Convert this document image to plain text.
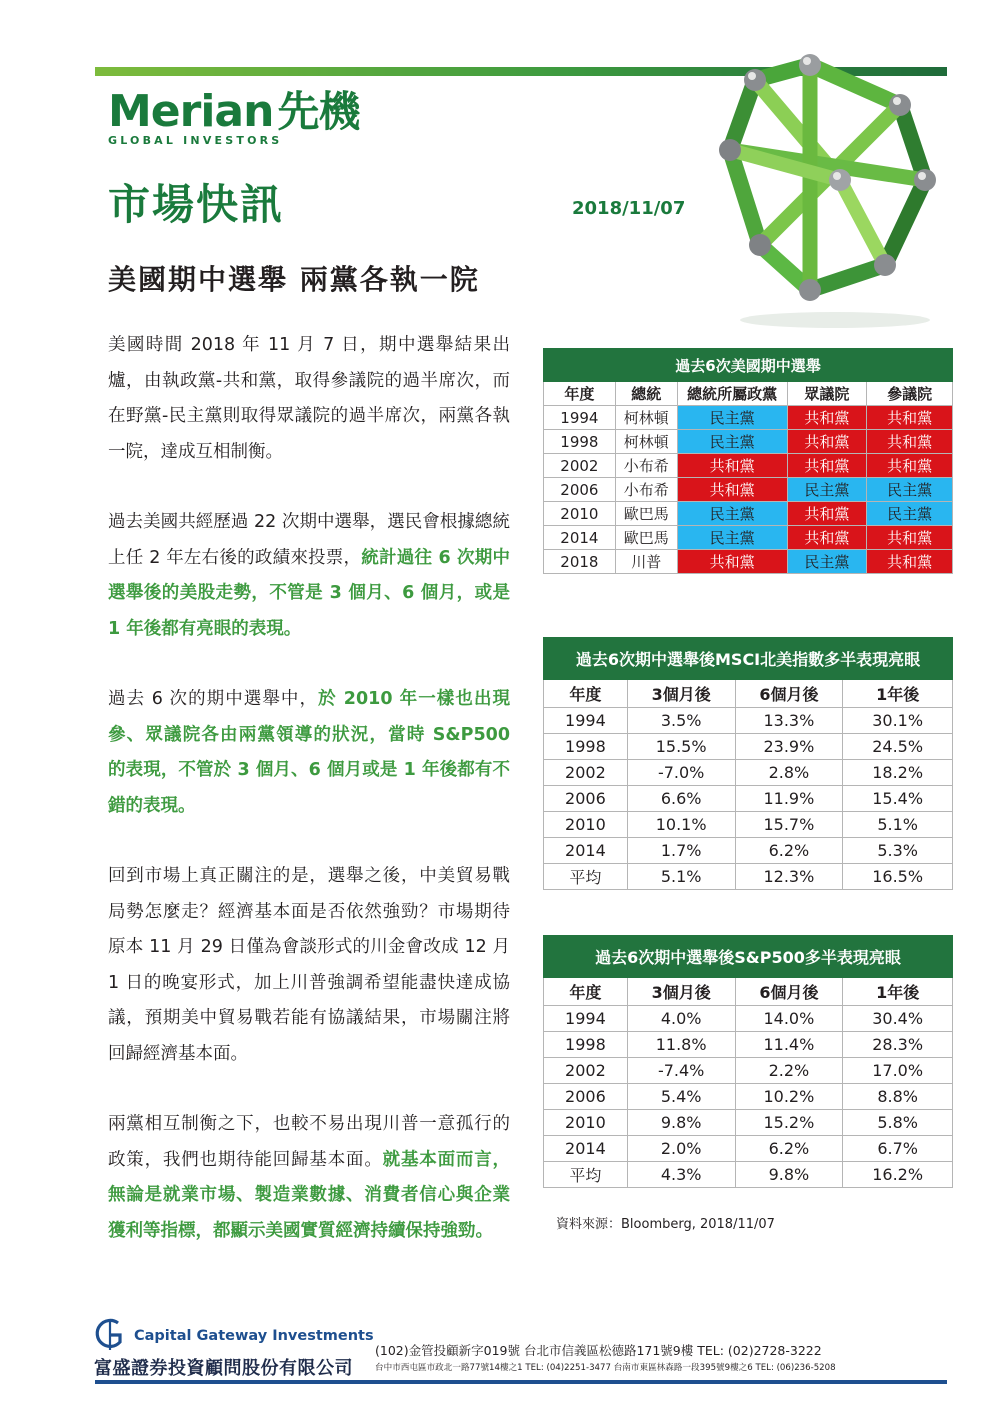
Merian先機
GLOBAL INVESTORS
市場快訊	2018/11/07
美國期中選舉 兩黨各執一院

美國時間 2018 年 11 月 7 日，期中選舉結果出爐，由執政黨-共和黨，取得參議院的過半席次，而在野黨-民主黨則取得眾議院的過半席次，兩黨各執一院，達成互相制衡。

過去美國共經歷過 22 次期中選舉，選民會根據總統上任 2 年左右後的政績來投票，統計過往 6 次期中選舉後的美股走勢，不管是 3 個月、6 個月，或是 1 年後都有亮眼的表現。

過去 6 次的期中選舉中，於 2010 年一樣也出現參、眾議院各由兩黨領導的狀況，當時 S&P500 的表現，不管於 3 個月、6 個月或是 1 年後都有不錯的表現。

回到市場上真正關注的是，選舉之後，中美貿易戰局勢怎麼走？經濟基本面是否依然強勁？市場期待原本 11 月 29 日僅為會談形式的川金會改成 12 月 1 日的晚宴形式，加上川普強調希望能盡快達成協議，預期美中貿易戰若能有協議結果，市場關注將回歸經濟基本面。

兩黨相互制衡之下，也較不易出現川普一意孤行的政策，我們也期待能回歸基本面。就基本面而言，無論是就業市場、製造業數據、消費者信心與企業獲利等指標，都顯示美國實質經濟持續保持強勁。

過去6次美國期中選舉				
年度	總統	總統所屬政黨	眾議院	參議院
1994	柯林頓	民主黨	共和黨	共和黨
1998	柯林頓	民主黨	共和黨	共和黨
2002	小布希	共和黨	共和黨	共和黨
2006	小布希	共和黨	民主黨	民主黨
2010	歐巴馬	民主黨	共和黨	民主黨
2014	歐巴馬	民主黨	共和黨	共和黨
2018	川普	共和黨	民主黨	共和黨
過去6次期中選舉後MSCI北美指數多半表現亮眼			
年度	3個月後	6個月後	1年後
1994	3.5%	13.3%	30.1%
1998	15.5%	23.9%	24.5%
2002	-7.0%	2.8%	18.2%
2006	6.6%	11.9%	15.4%
2010	10.1%	15.7%	5.1%
2014	1.7%	6.2%	5.3%
平均	5.1%	12.3%	16.5%
過去6次期中選舉後S&P500多半表現亮眼			
年度	3個月後	6個月後	1年後
1994	4.0%	14.0%	30.4%
1998	11.8%	11.4%	28.3%
2002	-7.4%	2.2%	17.0%
2006	5.4%	10.2%	8.8%
2010	9.8%	15.2%	5.8%
2014	2.0%	6.2%	6.7%
平均	4.3%	9.8%	16.2%
資料來源：Bloomberg, 2018/11/07
Capital Gateway Investments
富盛證券投資顧問股份有限公司
(102)金管投顧新字019號 台北市信義區松德路171號9樓 TEL: (02)2728-3222
台中市西屯區市政北一路77號14樓之1 TEL: (04)2251-3477 台南市東區林森路一段395號9樓之6 TEL: (06)236-5208
